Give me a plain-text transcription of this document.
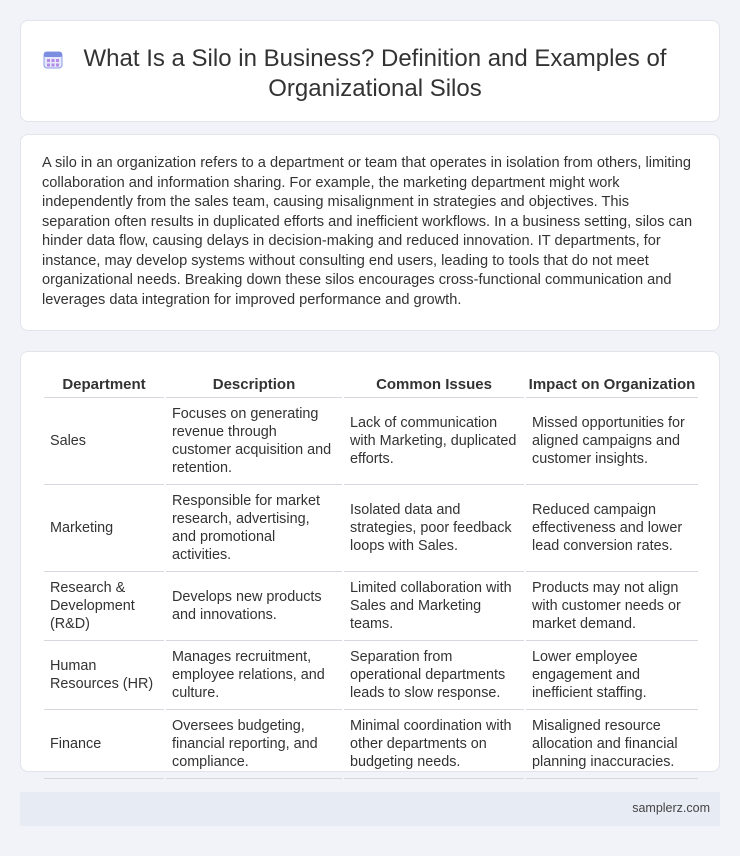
What Is a Silo in Business? Definition and Examples of Organizational Silos

A silo in an organization refers to a department or team that operates in isolation from others, limiting collaboration and information sharing. For example, the marketing department might work independently from the sales team, causing misalignment in strategies and objectives. This separation often results in duplicated efforts and inefficient workflows. In a business setting, silos can hinder data flow, causing delays in decision-making and reduced innovation. IT departments, for instance, may develop systems without consulting end users, leading to tools that do not meet organizational needs. Breaking down these silos encourages cross-functional communication and leverages data integration for improved performance and growth.

Department	Description	Common Issues	Impact on Organization
Sales	Focuses on generating revenue through customer acquisition and retention.	Lack of communication with Marketing, duplicated efforts.	Missed opportunities for aligned campaigns and customer insights.
Marketing	Responsible for market research, advertising, and promotional activities.	Isolated data and strategies, poor feedback loops with Sales.	Reduced campaign effectiveness and lower lead conversion rates.
Research & Development (R&D)	Develops new products and innovations.	Limited collaboration with Sales and Marketing teams.	Products may not align with customer needs or market demand.
Human Resources (HR)	Manages recruitment, employee relations, and culture.	Separation from operational departments leads to slow response.	Lower employee engagement and inefficient staffing.
Finance	Oversees budgeting, financial reporting, and compliance.	Minimal coordination with other departments on budgeting needs.	Misaligned resource allocation and financial planning inaccuracies.
samplerz.com
